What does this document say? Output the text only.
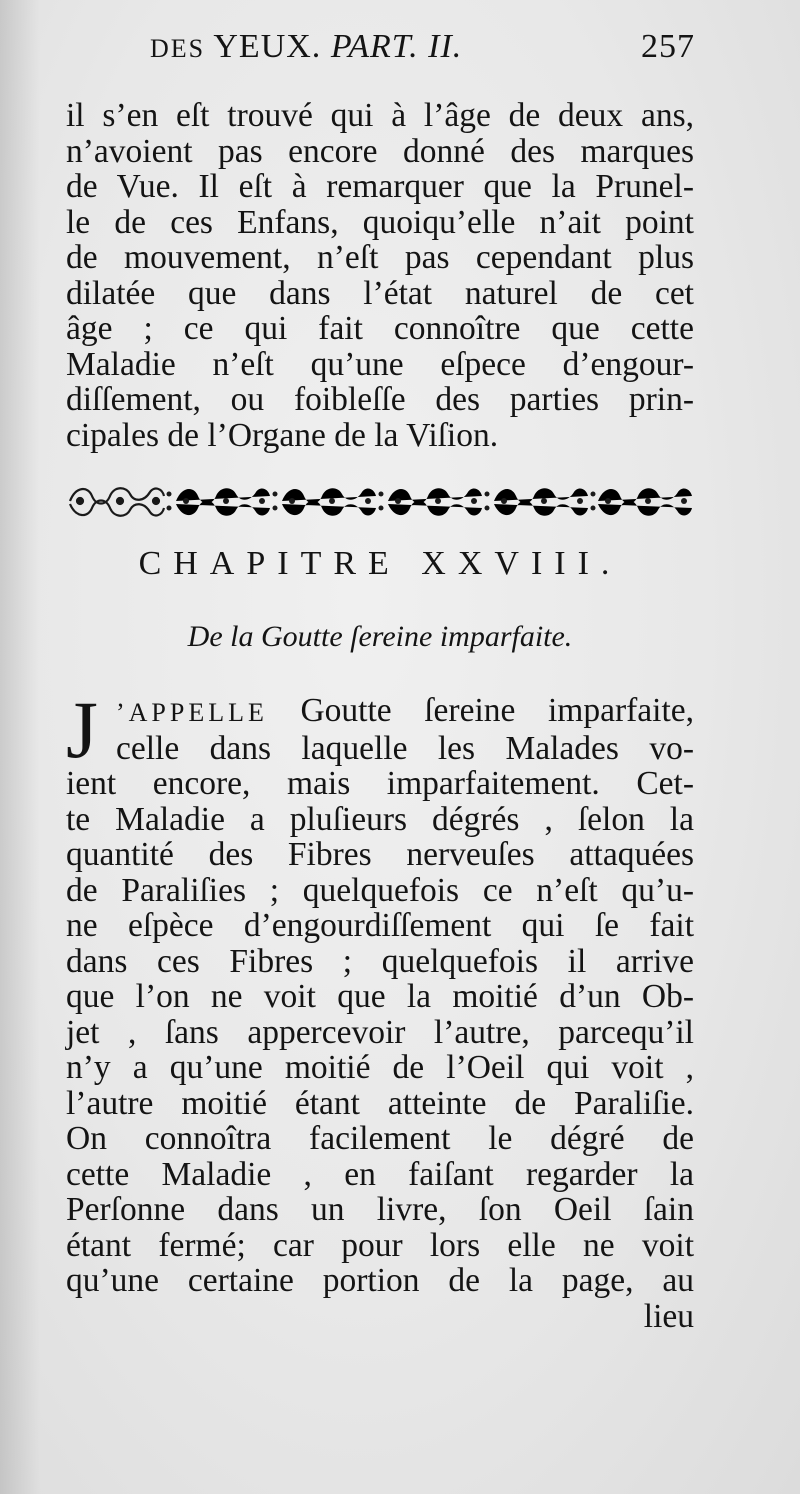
DES YEUX. PART. II.	257
il s’en eſt trouvé qui à l’âge de deux ans,
n’avoient pas encore donné des marques
de Vue. Il eſt à remarquer que la Prunel-
le de ces Enfans, quoiqu’elle n’ait point
de mouvement, n’eſt pas cependant plus
dilatée que dans l’état naturel de cet
âge ; ce qui fait connoître que cette
Maladie n’eſt qu’une eſpece d’engour-
diſſement, ou foibleſſe des parties prin-
cipales de l’Organe de la Viſion.
CHAPITRE XXVIII.
De la Goutte ſereine imparfaite.
J ’APPELLE Goutte ſereine imparfaite,
celle dans laquelle les Malades vo-
ient encore, mais imparfaitement. Cet-
te Maladie a pluſieurs dégrés , ſelon la
quantité des Fibres nerveuſes attaquées
de Paraliſies ; quelquefois ce n’eſt qu’u-
ne eſpèce d’engourdiſſement qui ſe fait
dans ces Fibres ; quelquefois il arrive
que l’on ne voit que la moitié d’un Ob-
jet , ſans appercevoir l’autre, parcequ’il
n’y a qu’une moitié de l’Oeil qui voit ,
l’autre moitié étant atteinte de Paraliſie.
On connoîtra facilement le dégré de
cette Maladie , en faiſant regarder la
Perſonne dans un livre, ſon Oeil ſain
étant fermé; car pour lors elle ne voit
qu’une certaine portion de la page, au
lieu
